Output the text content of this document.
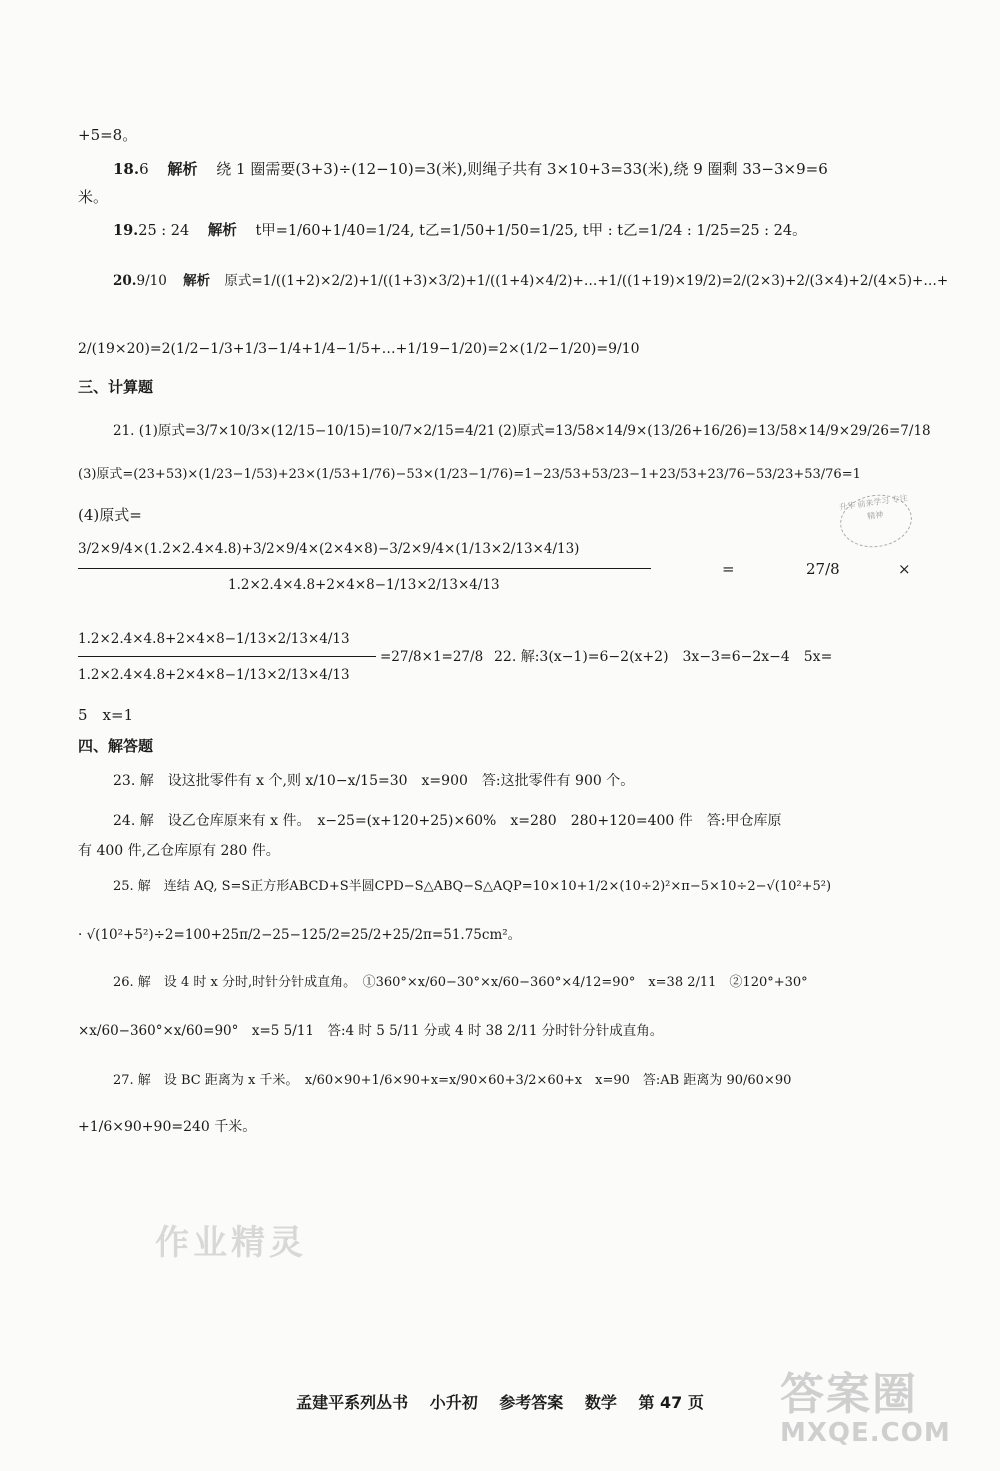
+5=8。
18.6 解析 绕 1 圈需要(3+3)÷(12−10)=3(米),则绳子共有 3×10+3=33(米),绕 9 圈剩 33−3×9=6
米。
19.25 : 24 解析 t甲=1/60+1/40=1/24, t乙=1/50+1/50=1/25, t甲 : t乙=1/24 : 1/25=25 : 24。
20.9/10 解析 原式=1/((1+2)×2/2)+1/((1+3)×3/2)+1/((1+4)×4/2)+…+1/((1+19)×19/2)=2/(2×3)+2/(3×4)+2/(4×5)+…+
2/(19×20)=2(1/2−1/3+1/3−1/4+1/4−1/5+…+1/19−1/20)=2×(1/2−1/20)=9/10
三、计算题
21. (1)原式=3/7×10/3×(12/15−10/15)=10/7×2/15=4/21 (2)原式=13/58×14/9×(13/26+16/26)=13/58×14/9×29/26=7/18
(3)原式=(23+53)×(1/23−1/53)+23×(1/53+1/76)−53×(1/23−1/76)=1−23/53+53/23−1+23/53+23/76−53/23+53/76=1
(4)原式=
3/2×9/4×(1.2×2.4×4.8)+3/2×9/4×(2×4×8)−3/2×9/4×(1/13×2/13×4/13)
1.2×2.4×4.8+2×4×8−1/13×2/13×4/13
=	27/8	×
1.2×2.4×4.8+2×4×8−1/13×2/13×4/13
1.2×2.4×4.8+2×4×8−1/13×2/13×4/13
=27/8×1=27/8 22. 解:3(x−1)=6−2(x+2)　3x−3=6−2x−4　5x=
5　x=1
四、解答题
23. 解　设这批零件有 x 个,则 x/10−x/15=30　x=900　答:这批零件有 900 个。
24. 解　设乙仓库原来有 x 件。　x−25=(x+120+25)×60%　x=280　280+120=400 件　答:甲仓库原
有 400 件,乙仓库原有 280 件。
25. 解　连结 AQ, S=S正方形ABCD+S半圆CPD−S△ABQ−S△AQP=10×10+1/2×(10÷2)²×π−5×10÷2−√(10²+5²)
· √(10²+5²)÷2=100+25π/2−25−125/2=25/2+25/2π=51.75cm²。
26. 解　设 4 时 x 分时,时针分针成直角。　①360°×x/60−30°×x/60−360°×4/12=90°　x=38 2/11　②120°+30°
×x/60−360°×x/60=90°　x=5 5/11　答:4 时 5 5/11 分或 4 时 38 2/11 分时针分针成直角。
27. 解　设 BC 距离为 x 千米。　x/60×90+1/6×90+x=x/90×60+3/2×60+x　x=90　答:AB 距离为 90/60×90
+1/6×90+90=240 千米。
升华 前来学习 专注 精神
作业精灵
孟建平系列丛书 小升初 参考答案 数学 第 47 页	答案圈
MXQE.COM
